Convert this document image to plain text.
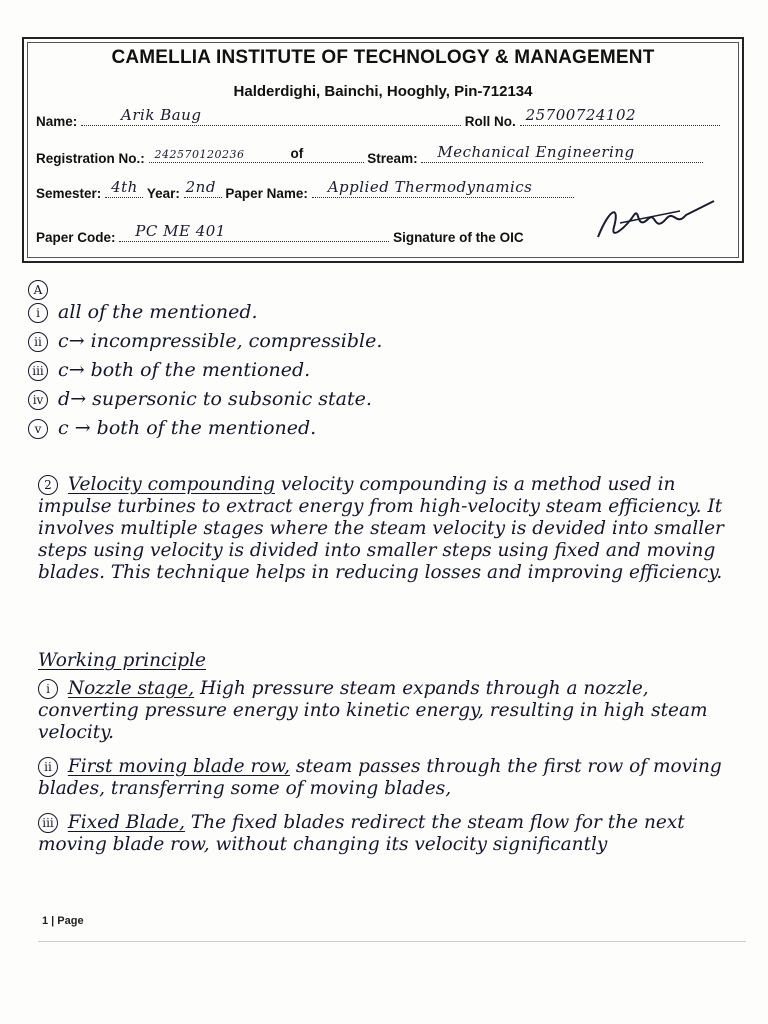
CAMELLIA INSTITUTE OF TECHNOLOGY & MANAGEMENT
Halderdighi, Bainchi, Hooghly, Pin-712134
Name:	Arik Baug	Roll No. 25700724102
Registration No.: 242570120236	of	Stream: Mechanical Engineering
Semester: 4th Year: 2nd Paper Name: Applied Thermodynamics
Paper Code: PC ME 401	Signature of the OIC
A
i all of the mentioned.
ii c→ incompressible, compressible.
iii c→ both of the mentioned.
iv d→ supersonic to subsonic state.
v c → both of the mentioned.
2 Velocity compounding velocity compounding is a method used in impulse turbines to extract energy from high-velocity steam efficiency. It involves multiple stages where the steam velocity is devided into smaller steps using velocity is divided into smaller steps using fixed and moving blades. This technique helps in reducing losses and improving efficiency.
Working principle
i Nozzle stage, High pressure steam expands through a nozzle, converting pressure energy into kinetic energy, resulting in high steam velocity.
ii First moving blade row, steam passes through the first row of moving blades, transferring some of moving blades,
iii Fixed Blade, The fixed blades redirect the steam flow for the next moving blade row, without changing its velocity significantly
1 | Page
